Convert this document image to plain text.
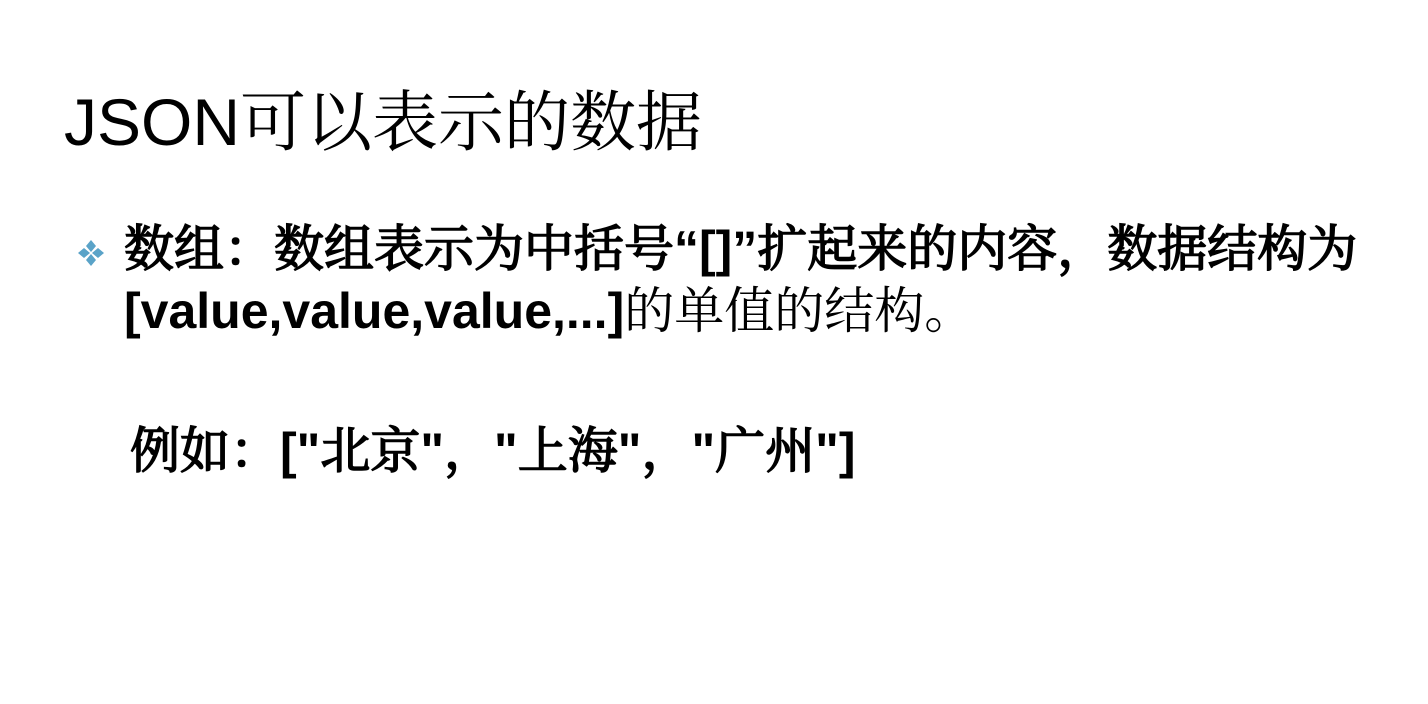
JSON可以表示的数据
数组：数组表示为中括号“[]”扩起来的内容，数据结构为 [value,value,value,...]的单值的结构。
例如：["北京"，"上海"，"广州"]
